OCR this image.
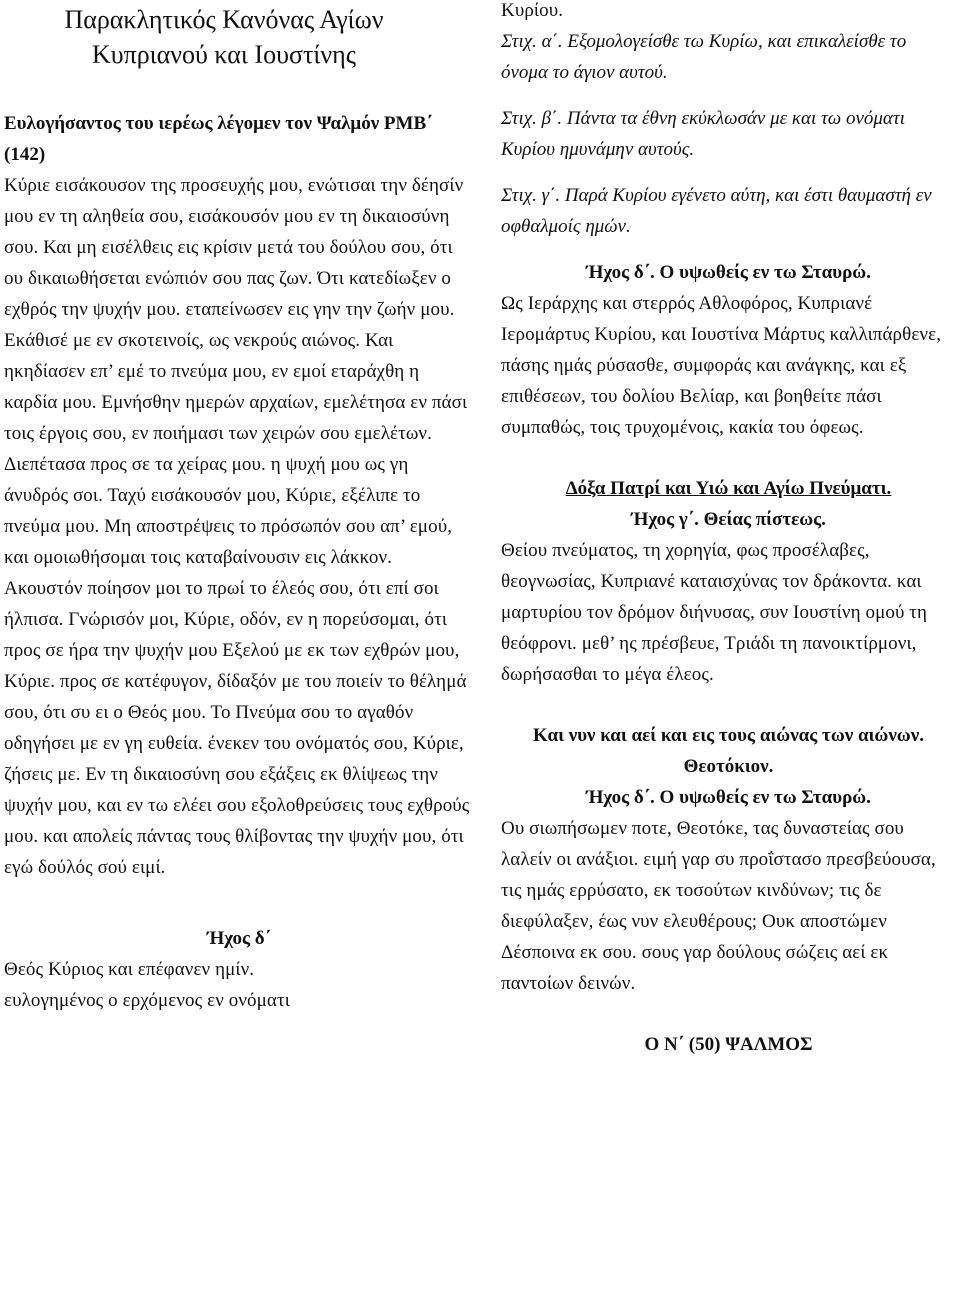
Παρακλητικός Κανόνας Αγίων
Κυπριανού και Ιουστίνης
Ευλογήσαντος του ιερέως λέγομεν τον Ψαλμόν ΡΜΒ΄ (142)
Κύριε εισάκουσον της προσευχής μου, ενώτισαι την δέησίν μου εν τη αληθεία σου, εισάκουσόν μου εν τη δικαιοσύνη σου. Και μη εισέλθεις εις κρίσιν μετά του δούλου σου, ότι ου δικαιωθήσεται ενώπιόν σου πας ζων. Ότι κατεδίωξεν ο εχθρός την ψυχήν μου. εταπείνωσεν εις γην την ζωήν μου. Εκάθισέ με εν σκοτεινοίς, ως νεκρούς αιώνος. Και ηκηδίασεν επ’ εμέ το πνεύμα μου, εν εμοί εταράχθη η καρδία μου. Εμνήσθην ημερών αρχαίων, εμελέτησα εν πάσι τοις έργοις σου, εν ποιήμασι των χειρών σου εμελέτων. Διεπέτασα προς σε τα χείρας μου. η ψυχή μου ως γη άνυδρός σοι. Ταχύ εισάκουσόν μου, Κύριε, εξέλιπε το πνεύμα μου. Μη αποστρέψεις το πρόσωπόν σου απ’ εμού, και ομοιωθήσομαι τοις καταβαίνουσιν εις λάκκον. Ακουστόν ποίησον μοι το πρωί το έλεός σου, ότι επί σοι ήλπισα. Γνώρισόν μοι, Κύριε, οδόν, εν η πορεύσομαι, ότι προς σε ήρα την ψυχήν μου Εξελού με εκ των εχθρών μου, Κύριε. προς σε κατέφυγον, δίδαξόν με του ποιείν το θέλημά σου, ότι συ ει ο Θεός μου. Το Πνεύμα σου το αγαθόν οδηγήσει με εν γη ευθεία. ένεκεν του ονόματός σου, Κύριε, ζήσεις με. Εν τη δικαιοσύνη σου εξάξεις εκ θλίψεως την ψυχήν μου, και εν τω ελέει σου εξολοθρεύσεις τους εχθρούς μου. και απολείς πάντας τους θλίβοντας την ψυχήν μου, ότι εγώ δούλός σού ειμί.
Ήχος δ΄
Θεός Κύριος και επέφανεν ημίν.
ευλογημένος ο ερχόμενος εν ονόματι
Κυρίου.
Στιχ. α΄. Εξομολογείσθε τω Κυρίω, και επικαλείσθε το όνομα το άγιον αυτού.
Στιχ. β΄. Πάντα τα έθνη εκύκλωσάν με και τω ονόματι Κυρίου ημυνάμην αυτούς.
Στιχ. γ΄. Παρά Κυρίου εγένετο αύτη, και έστι θαυμαστή εν οφθαλμοίς ημών.
Ήχος δ΄. Ο υψωθείς εν τω Σταυρώ.
Ως Ιεράρχης και στερρός Αθλοφόρος, Κυπριανέ Ιερομάρτυς Κυρίου, και Ιουστίνα Μάρτυς καλλιπάρθενε, πάσης ημάς ρύσασθε, συμφοράς και ανάγκης, και εξ επιθέσεων, του δολίου Βελίαρ, και βοηθείτε πάσι συμπαθώς, τοις τρυχομένοις, κακία του όφεως.
Δόξα Πατρί και Υιώ και Αγίω Πνεύματι.
Ήχος γ΄. Θείας πίστεως.
Θείου πνεύματος, τη χορηγία, φως προσέλαβες, θεογνωσίας, Κυπριανέ καταισχύνας τον δράκοντα. και μαρτυρίου τον δρόμον διήνυσας, συν Ιουστίνη ομού τη θεόφρονι. μεθ’ ης πρέσβευε, Τριάδι τη πανοικτίρμονι, δωρήσασθαι το μέγα έλεος.
Και νυν και αεί και εις τους αιώνας των αιώνων. Θεοτόκιον.
Ήχος δ΄. Ο υψωθείς εν τω Σταυρώ.
Ου σιωπήσωμεν ποτε, Θεοτόκε, τας δυναστείας σου λαλείν οι ανάξιοι. ειμή γαρ συ προΐστασο πρεσβεύουσα, τις ημάς ερρύσατο, εκ τοσούτων κινδύνων; τις δε διεφύλαξεν, έως νυν ελευθέρους; Ουκ αποστώμεν Δέσποινα εκ σου. σους γαρ δούλους σώζεις αεί εκ παντοίων δεινών.
Ο Ν΄ (50) ΨΑΛΜΟΣ
